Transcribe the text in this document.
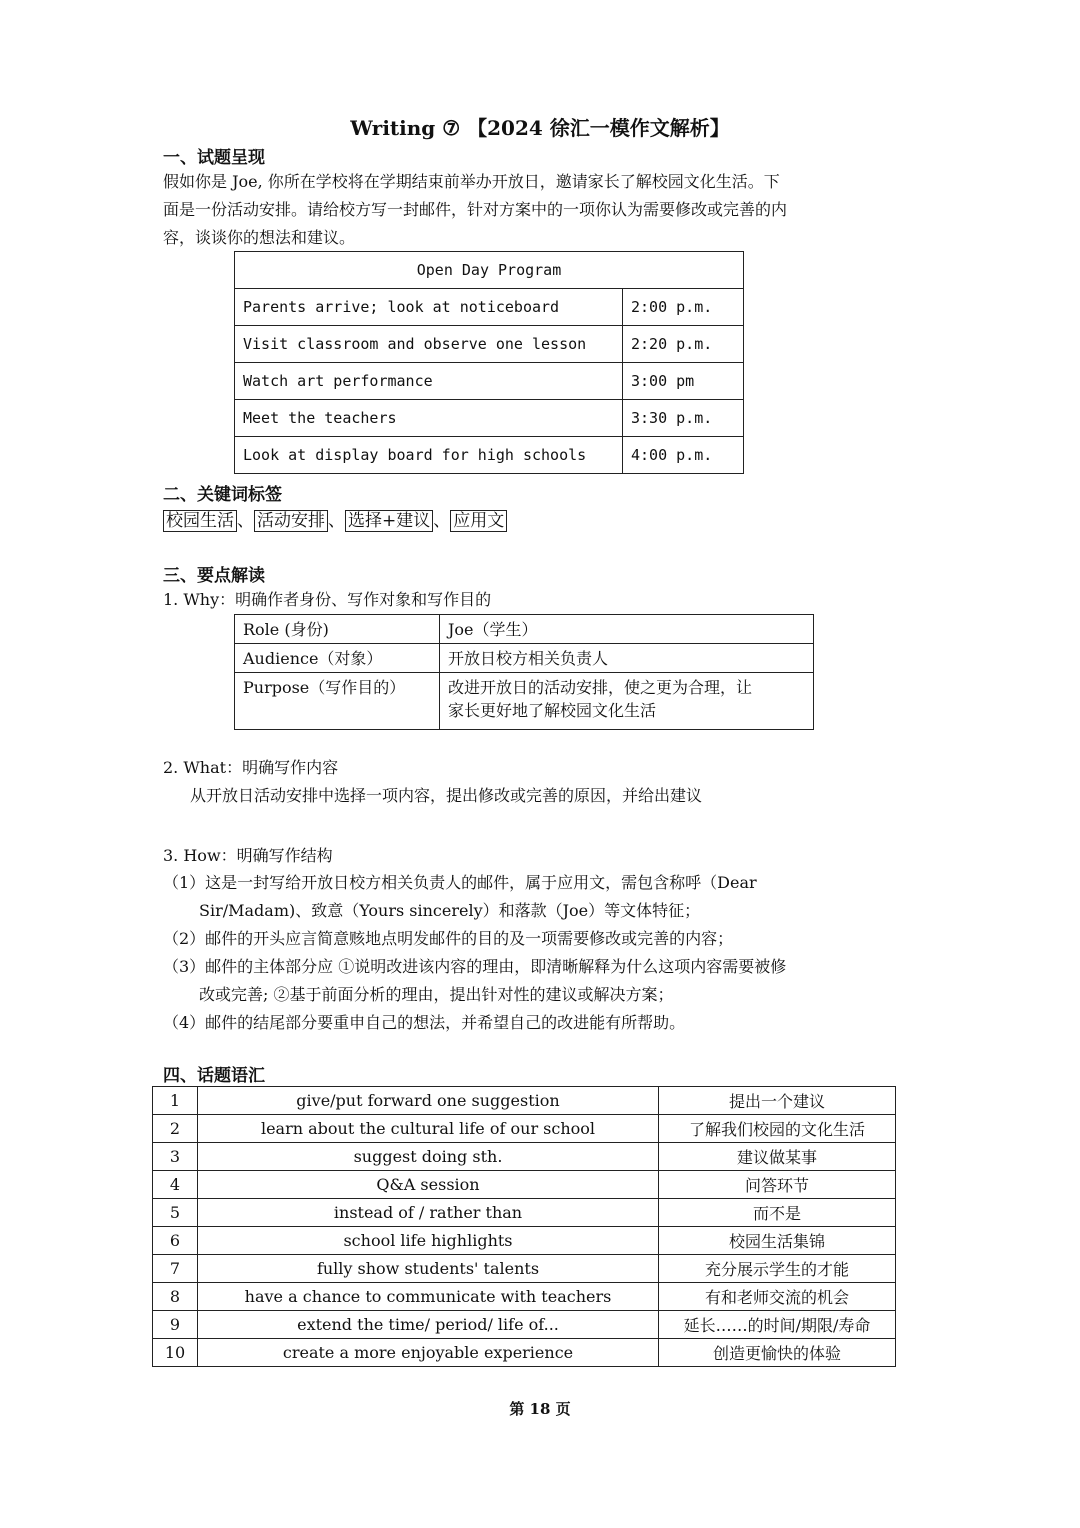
Writing ⑦ 【2024 徐汇一模作文解析】
一、试题呈现
假如你是 Joe, 你所在学校将在学期结束前举办开放日，邀请家长了解校园文化生活。下
面是一份活动安排。请给校方写一封邮件，针对方案中的一项你认为需要修改或完善的内
容，谈谈你的想法和建议。
Open Day Program	
Parents arrive; look at noticeboard	2:00 p.m.
Visit classroom and observe one lesson	2:20 p.m.
Watch art performance	3:00 pm
Meet the teachers	3:30 p.m.
Look at display board for high schools	4:00 p.m.
二、关键词标签
校园生活 、 活动安排 、 选择+建议 、 应用文
三、要点解读
1. Why：明确作者身份、写作对象和写作目的
Role (身份)	Joe（学生）
Audience（对象）	开放日校方相关负责人
Purpose（写作目的）	改进开放日的活动安排，使之更为合理，让
家长更好地了解校园文化生活
2. What：明确写作内容
从开放日活动安排中选择一项内容，提出修改或完善的原因，并给出建议
3. How：明确写作结构
（1）这是一封写给开放日校方相关负责人的邮件，属于应用文，需包含称呼（Dear
Sir/Madam)、致意（Yours sincerely）和落款（Joe）等文体特征；
（2）邮件的开头应言简意赅地点明发邮件的目的及一项需要修改或完善的内容；
（3）邮件的主体部分应 ①说明改进该内容的理由，即清晰解释为什么这项内容需要被修
改或完善; ②基于前面分析的理由，提出针对性的建议或解决方案；
（4）邮件的结尾部分要重申自己的想法，并希望自己的改进能有所帮助。
四、话题语汇
1	give/put forward one suggestion	提出一个建议
2	learn about the cultural life of our school	了解我们校园的文化生活
3	suggest doing sth.	建议做某事
4	Q&A session	问答环节
5	instead of / rather than	而不是
6	school life highlights	校园生活集锦
7	fully show students' talents	充分展示学生的才能
8	have a chance to communicate with teachers	有和老师交流的机会
9	extend the time/ period/ life of...	延长……的时间/期限/寿命
10	create a more enjoyable experience	创造更愉快的体验
第 18 页
